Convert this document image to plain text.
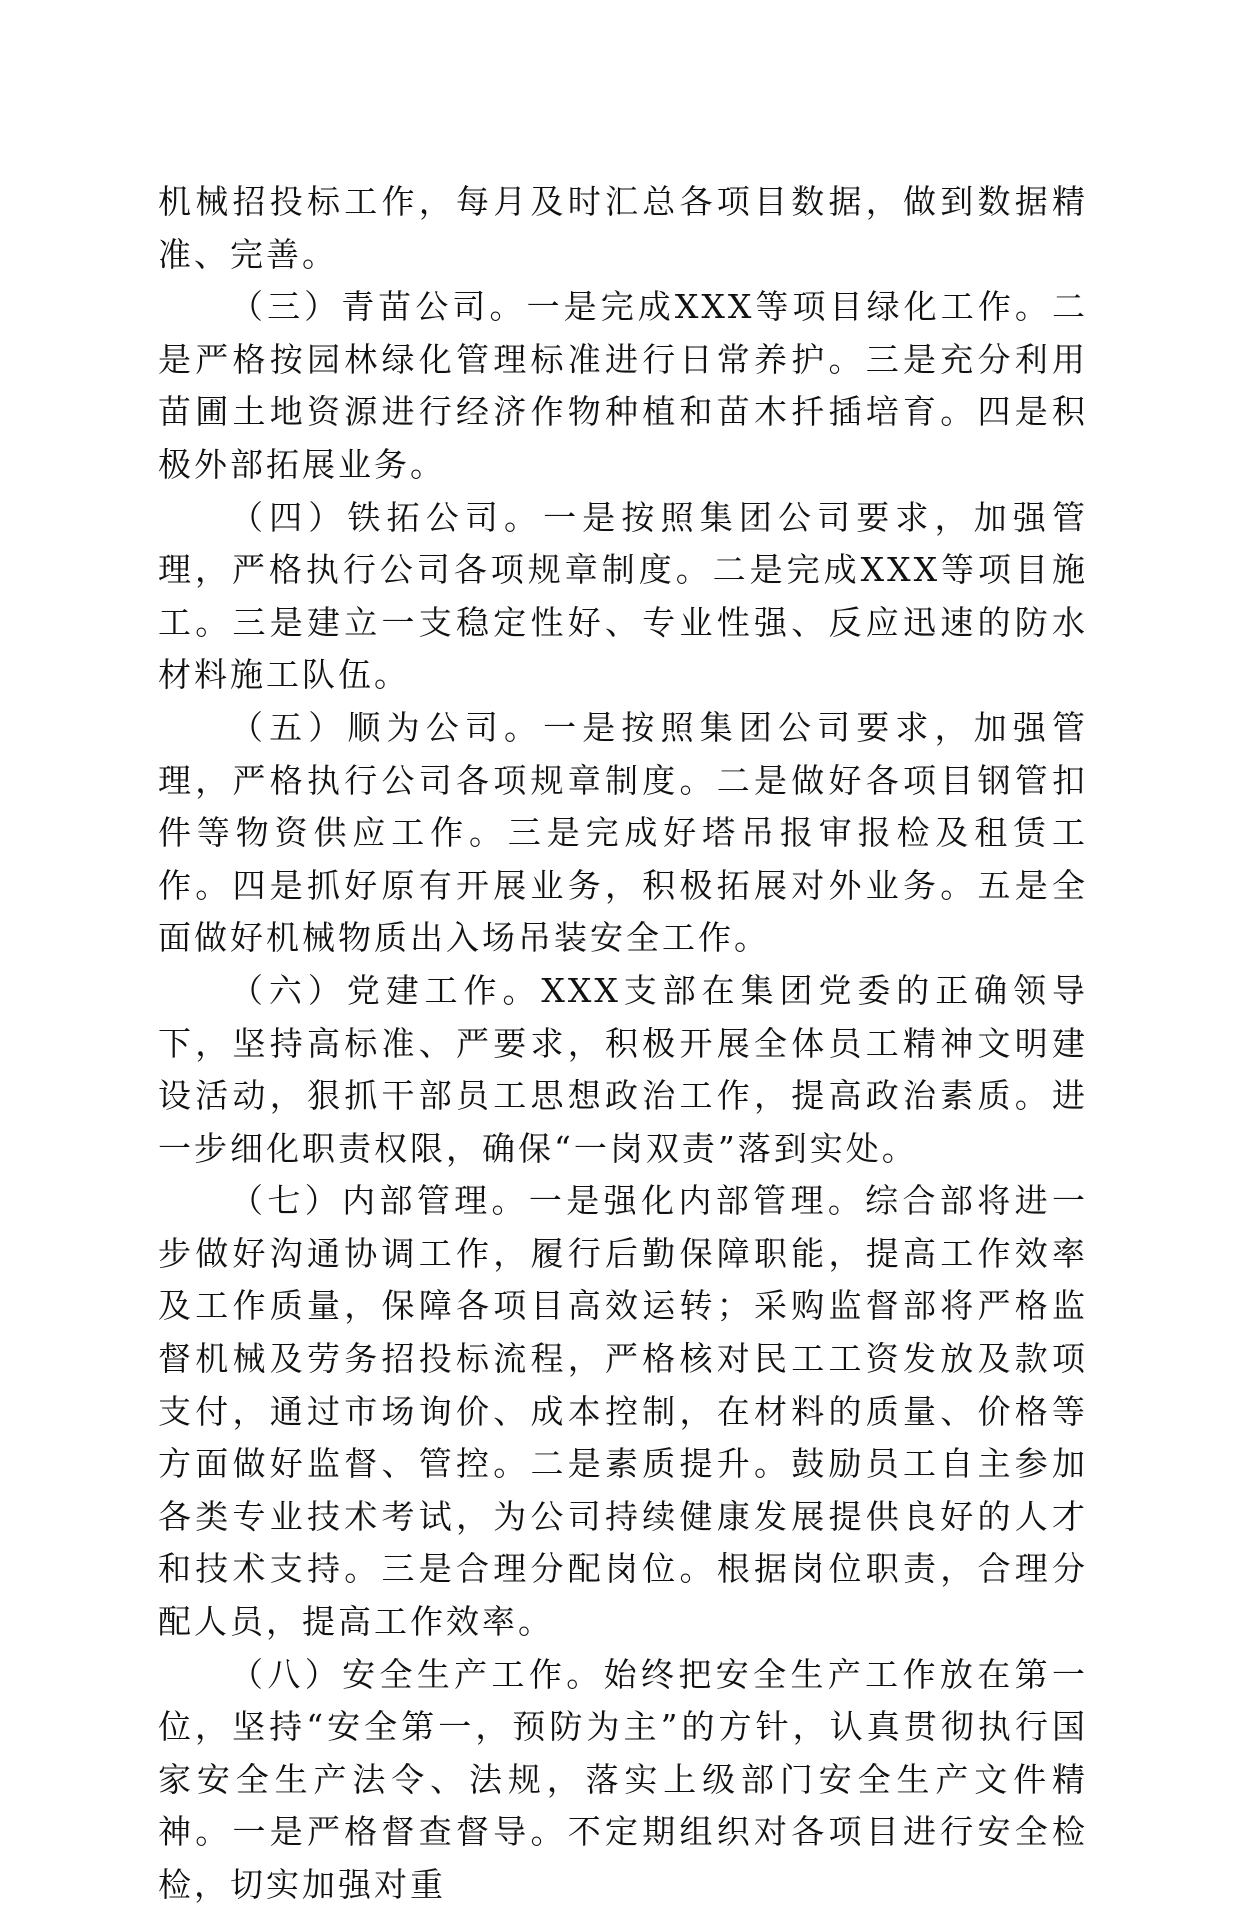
机械招投标工作，每月及时汇总各项目数据，做到数据精准、完善。

（三）青苗公司。一是完成XXX等项目绿化工作。二是严格按园林绿化管理标准进行日常养护。三是充分利用苗圃土地资源进行经济作物种植和苗木扦插培育。四是积极外部拓展业务。

（四）铁拓公司。一是按照集团公司要求，加强管理，严格执行公司各项规章制度。二是完成XXX等项目施工。三是建立一支稳定性好、专业性强、反应迅速的防水材料施工队伍。

（五）顺为公司。一是按照集团公司要求，加强管理，严格执行公司各项规章制度。二是做好各项目钢管扣件等物资供应工作。三是完成好塔吊报审报检及租赁工作。四是抓好原有开展业务，积极拓展对外业务。五是全面做好机械物质出入场吊装安全工作。

（六）党建工作。XXX支部在集团党委的正确领导下，坚持高标准、严要求，积极开展全体员工精神文明建设活动，狠抓干部员工思想政治工作，提高政治素质。进一步细化职责权限，确保“一岗双责”落到实处。

（七）内部管理。一是强化内部管理。综合部将进一步做好沟通协调工作，履行后勤保障职能，提高工作效率及工作质量，保障各项目高效运转；采购监督部将严格监督机械及劳务招投标流程，严格核对民工工资发放及款项支付，通过市场询价、成本控制，在材料的质量、价格等方面做好监督、管控。二是素质提升。鼓励员工自主参加各类专业技术考试，为公司持续健康发展提供良好的人才和技术支持。三是合理分配岗位。根据岗位职责，合理分配人员，提高工作效率。

（八）安全生产工作。始终把安全生产工作放在第一位，坚持“安全第一，预防为主”的方针，认真贯彻执行国家安全生产法令、法规，落实上级部门安全生产文件精神。一是严格督查督导。不定期组织对各项目进行安全检检，切实加强对重
